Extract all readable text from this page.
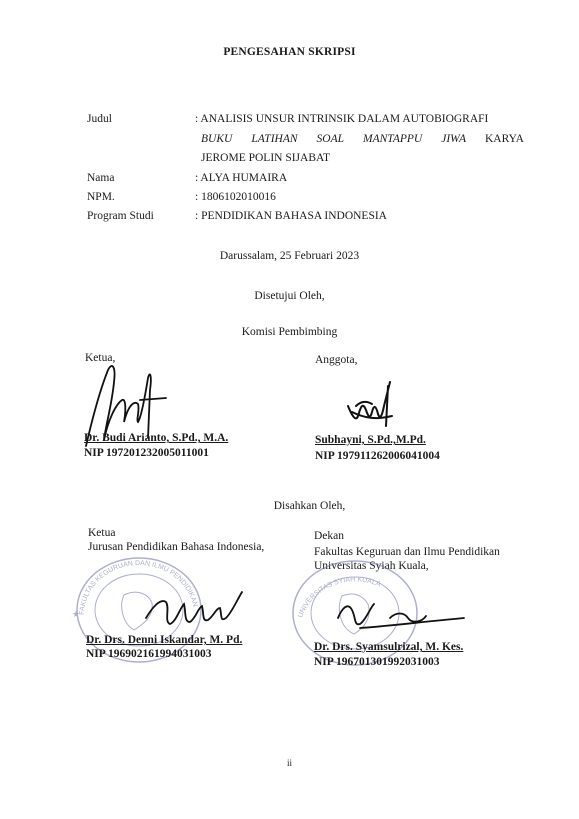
PENGESAHAN SKRIPSI
Judul	: ANALISIS UNSUR INTRINSIK DALAM AUTOBIOGRAFI
BUKU LATIHAN SOAL MANTAPPU JIWA KARYA
JEROME POLIN SIJABAT
Nama	: ALYA HUMAIRA
NPM.	: 1806102010016
Program Studi	: PENDIDIKAN BAHASA INDONESIA
Darussalam, 25 Februari 2023
Disetujui Oleh,
Komisi Pembimbing
Ketua,	Anggota,
Dr. Budi Arianto, S.Pd., M.A.
NIP 197201232005011001
Subhayni, S.Pd.,M.Pd.
NIP 197911262006041004
Disahkan Oleh,
Ketua
Jurusan Pendidikan Bahasa Indonesia,
Dekan
Fakultas Keguruan dan Ilmu Pendidikan
Universitas Syiah Kuala,
FAKULTAS KEGURUAN DAN ILMU PENDIDIKAN
★	UNIVERSITAS SYIAH KUALA
Dr. Drs. Denni Iskandar, M. Pd.
NIP 196902161994031003
Dr. Drs. Syamsulrizal, M. Kes.
NIP 196701301992031003
ii
